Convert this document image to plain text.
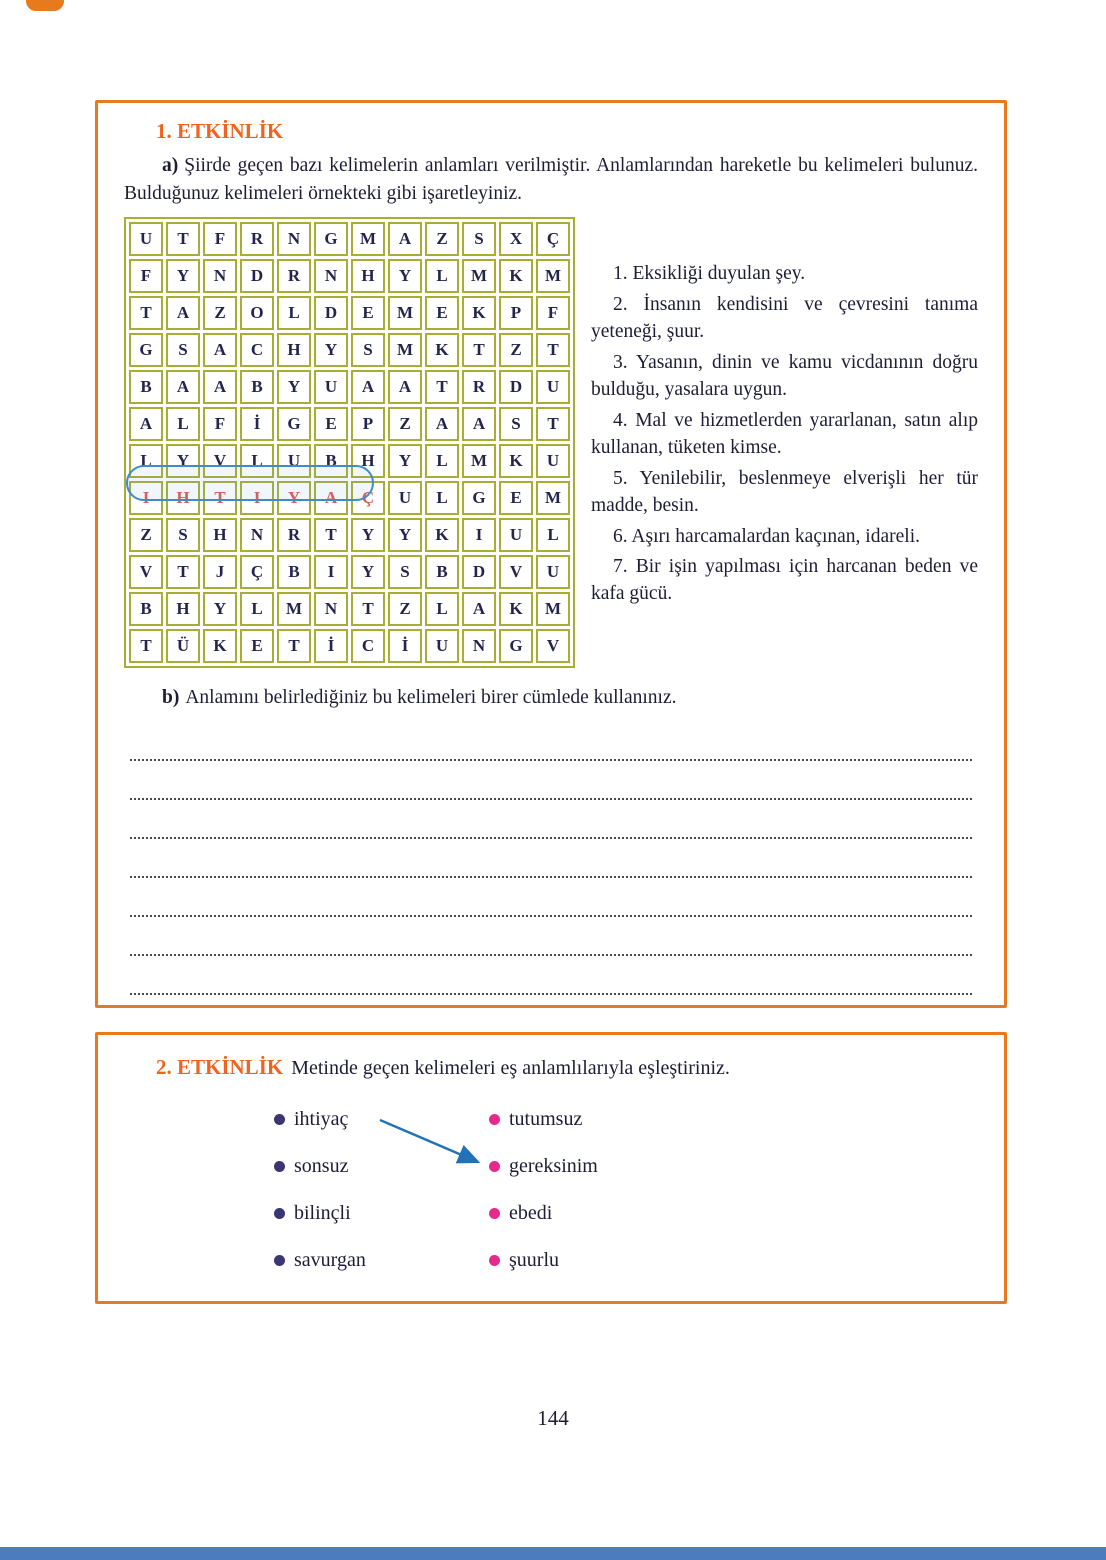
1. ETKİNLİK

a) Şiirde geçen bazı kelimelerin anlamları verilmiştir. Anlamlarından hareketle bu kelimeleri bulunuz. Bulduğunuz kelimeleri örnekteki gibi işaretleyiniz.

U	T	F	R	N	G	M	A	Z	S	X	Ç
F	Y	N	D	R	N	H	Y	L	M	K	M
T	A	Z	O	L	D	E	M	E	K	P	F
G	S	A	C	H	Y	S	M	K	T	Z	T
B	A	A	B	Y	U	A	A	T	R	D	U
A	L	F	İ	G	E	P	Z	A	A	S	T
L	Y	V	L	U	B	H	Y	L	M	K	U
I	H	T	I	Y	A	Ç	U	L	G	E	M
Z	S	H	N	R	T	Y	Y	K	I	U	L
V	T	J	Ç	B	I	Y	S	B	D	V	U
B	H	Y	L	M	N	T	Z	L	A	K	M
T	Ü	K	E	T	İ	C	İ	U	N	G	V

1. Eksikliği duyulan şey.

2. İnsanın kendisini ve çevresini tanıma yeteneği, şuur.

3. Yasanın, dinin ve kamu vicdanının doğru bulduğu, yasalara uygun.

4. Mal ve hizmetlerden yararlanan, satın alıp kullanan, tüketen kimse.

5. Yenilebilir, beslenmeye elverişli her tür madde, besin.

6. Aşırı harcamalardan kaçınan, idareli.

7. Bir işin yapılması için harcanan beden ve kafa gücü.

b) Anlamını belirlediğiniz bu kelimeleri birer cümlede kullanınız.

2. ETKİNLİK Metinde geçen kelimeleri eş anlamlılarıyla eşleştiriniz.
ihtiyaç
sonsuz
bilinçli
savurgan
tutumsuz
gereksinim
ebedi
şuurlu
144
